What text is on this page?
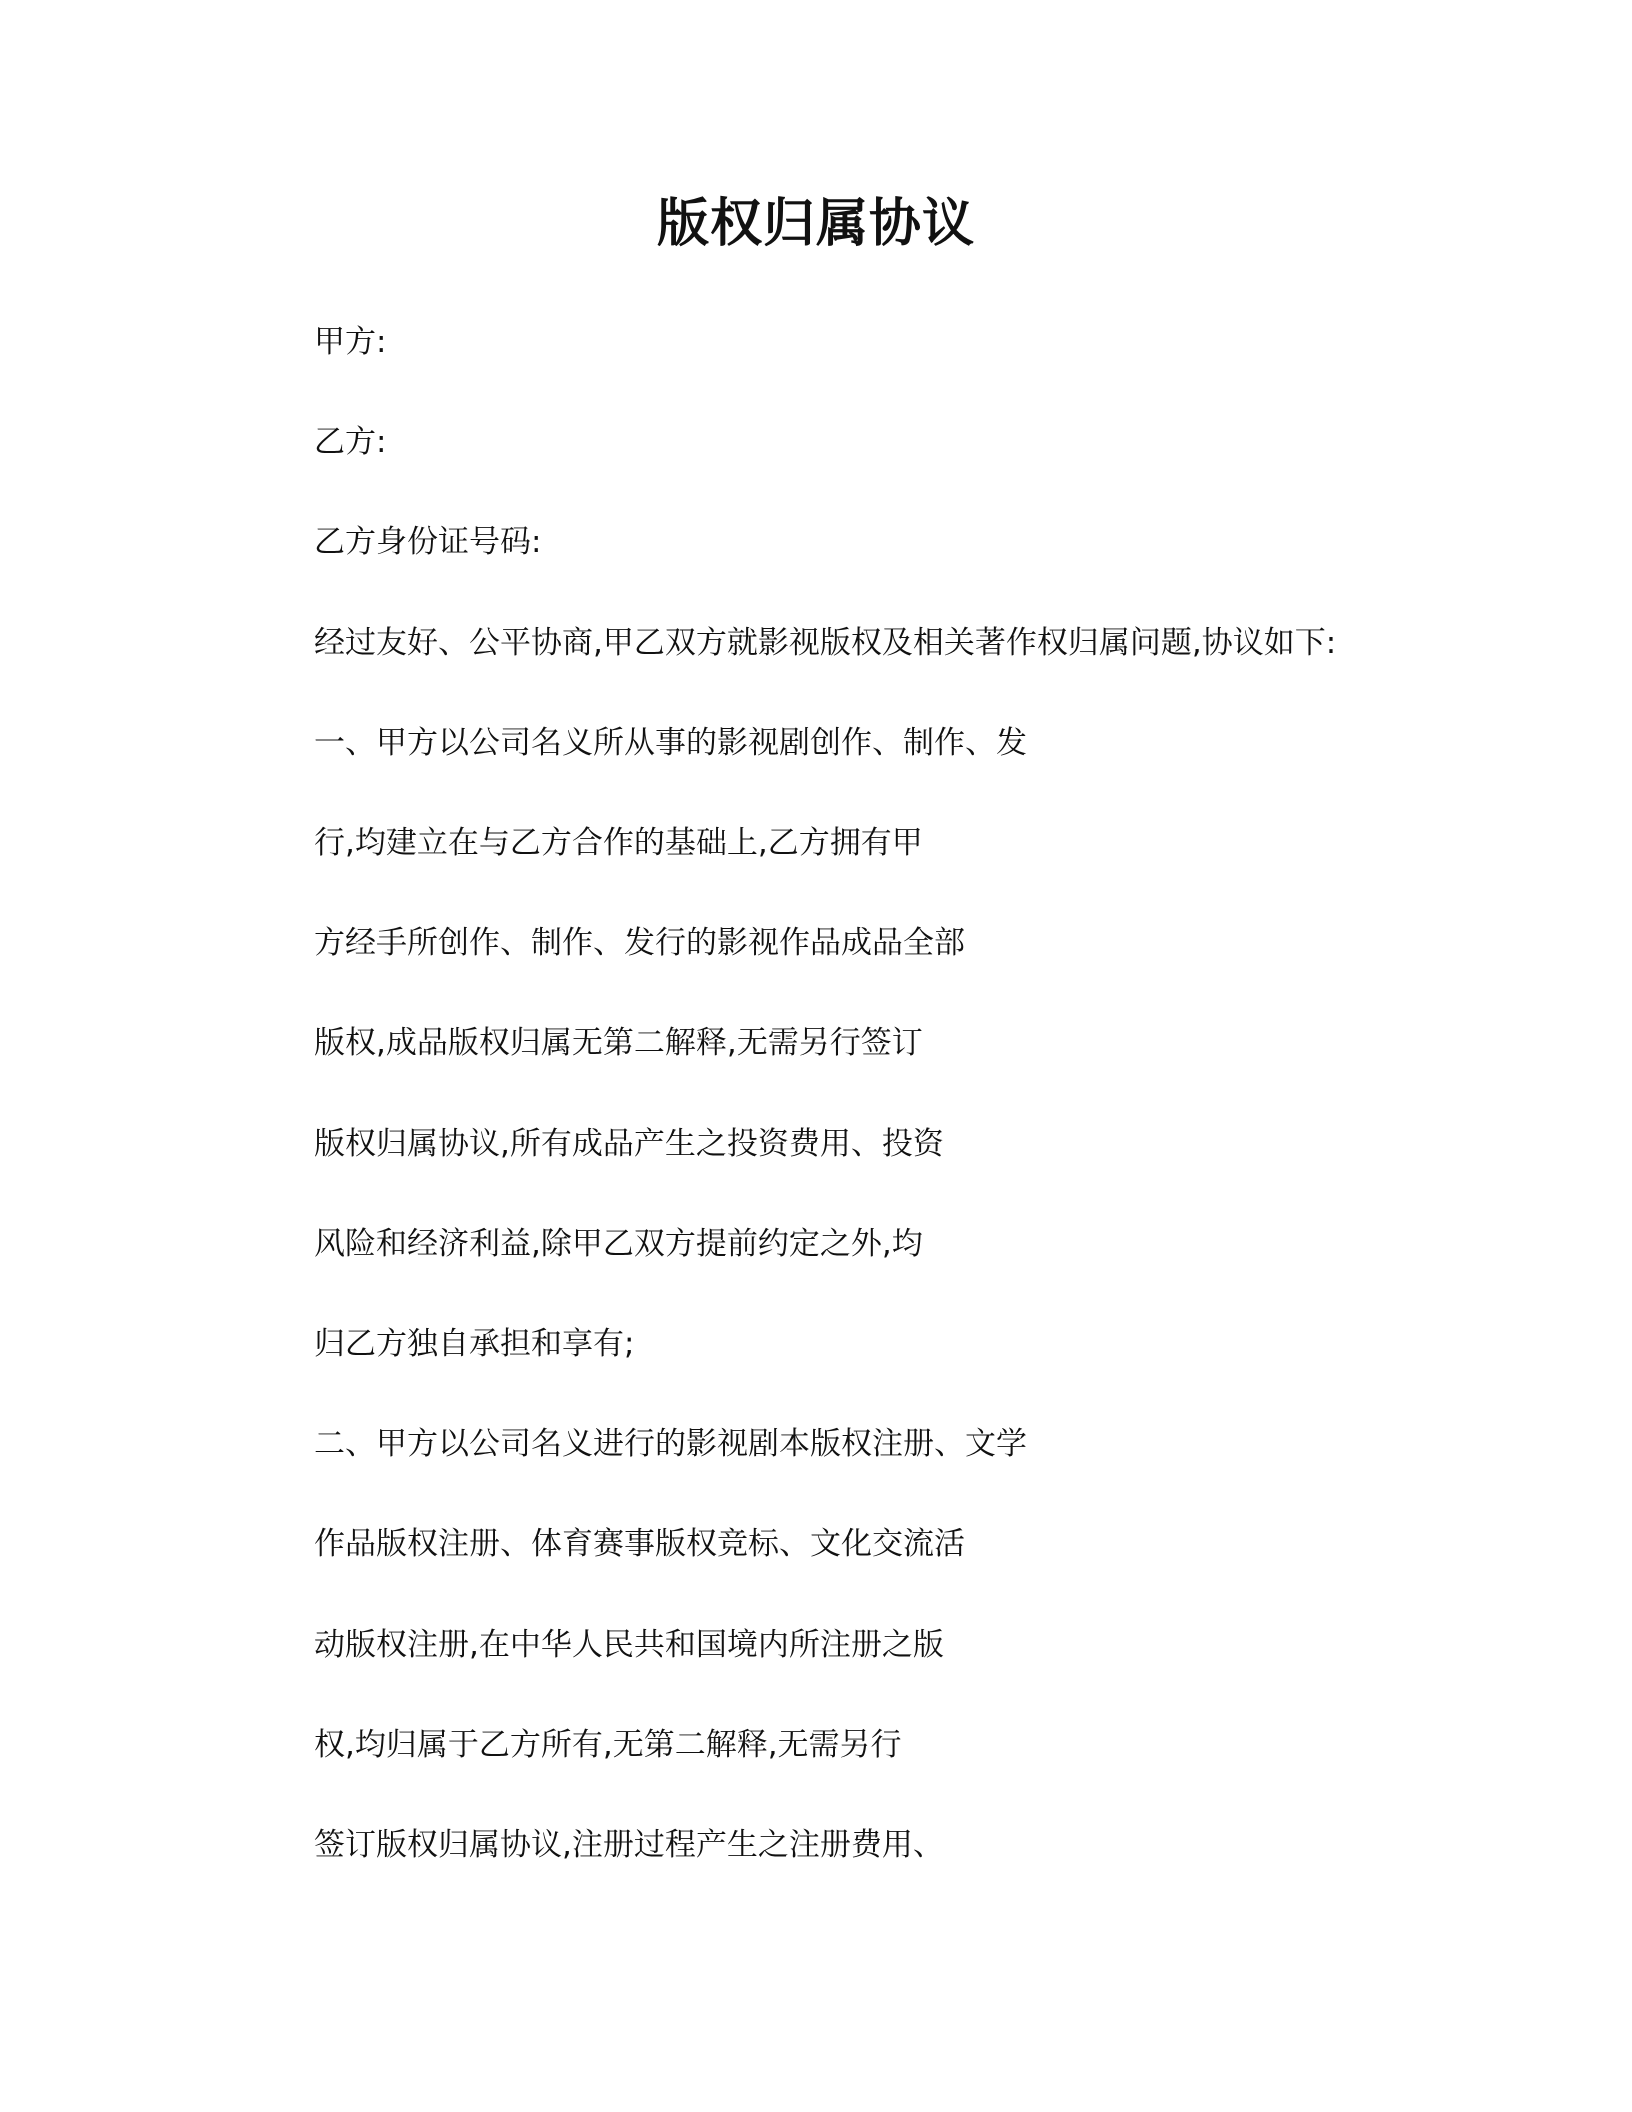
版权归属协议

甲方:

乙方:

乙方身份证号码:

经过友好、公平协商,甲乙双方就影视版权及相关著作权归属问题,协议如下:

一、甲方以公司名义所从事的影视剧创作、制作、发

行,均建立在与乙方合作的基础上,乙方拥有甲

方经手所创作、制作、发行的影视作品成品全部

版权,成品版权归属无第二解释,无需另行签订

版权归属协议,所有成品产生之投资费用、投资

风险和经济利益,除甲乙双方提前约定之外,均

归乙方独自承担和享有;

二、甲方以公司名义进行的影视剧本版权注册、文学

作品版权注册、体育赛事版权竞标、文化交流活

动版权注册,在中华人民共和国境内所注册之版

权,均归属于乙方所有,无第二解释,无需另行

签订版权归属协议,注册过程产生之注册费用、
